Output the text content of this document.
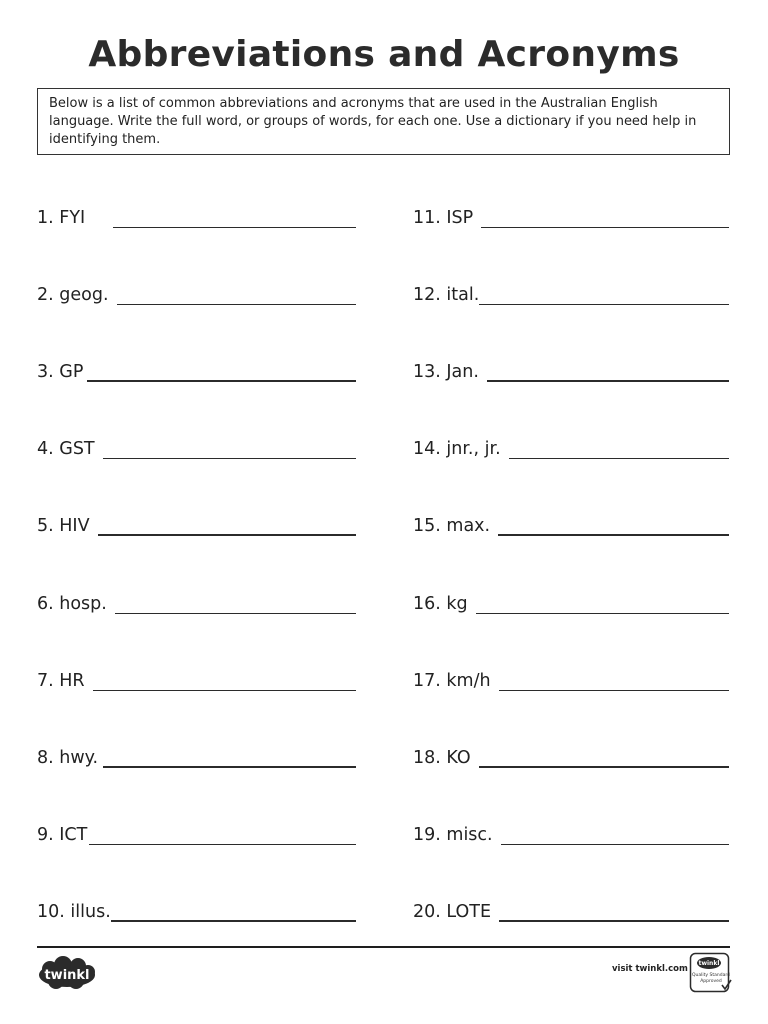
Abbreviations and Acronyms
Below is a list of common abbreviations and acronyms that are used in the Australian English language. Write the full word, or groups of words, for each one. Use a dictionary if you need help in identifying them.
1. FYI
2. geog.
3. GP
4. GST
5. HIV
6. hosp.
7. HR
8. hwy.
9. ICT
10. illus.
11. ISP
12. ital.
13. Jan.
14. jnr., jr.
15. max.
16. kg
17. km/h
18. KO
19. misc.
20. LOTE
twinkl	visit twinkl.com
twinkl
Quality Standard
Approved
